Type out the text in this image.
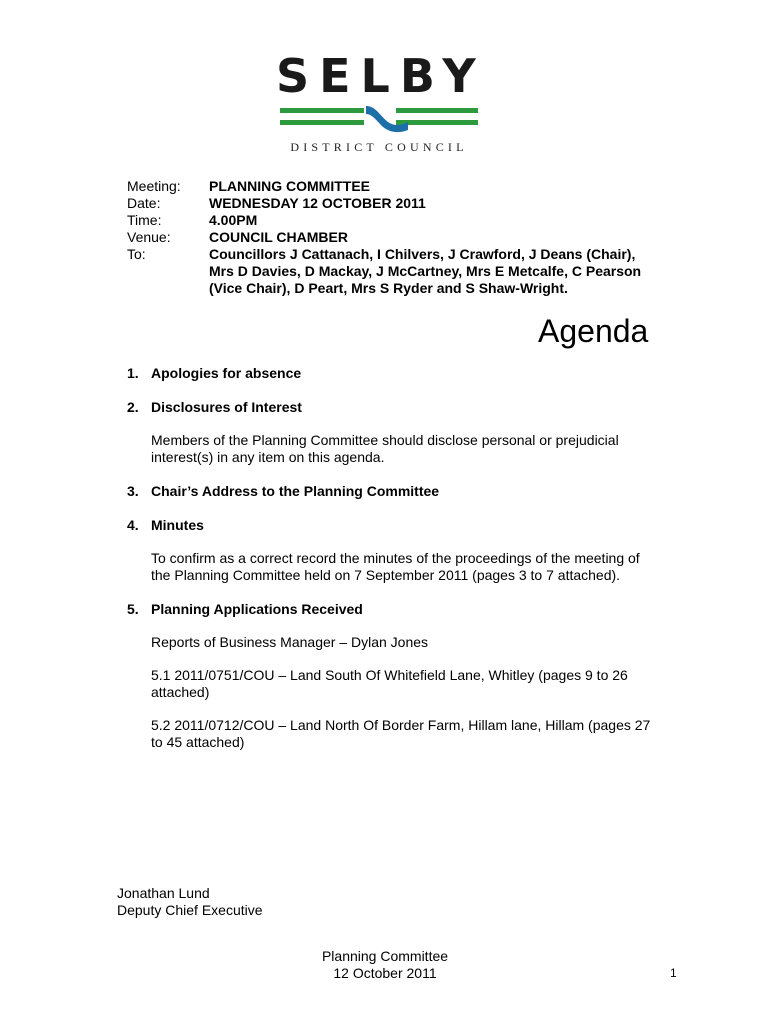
SELBY
DISTRICT COUNCIL
Meeting:	PLANNING COMMITTEE
Date:	WEDNESDAY 12 OCTOBER 2011
Time:	4.00PM
Venue:	COUNCIL CHAMBER
To:	Councillors J Cattanach, I Chilvers, J Crawford, J Deans (Chair), Mrs D Davies, D Mackay, J McCartney, Mrs E Metcalfe, C Pearson (Vice Chair), D Peart, Mrs S Ryder and S Shaw-Wright.
Agenda
1. Apologies for absence
2. Disclosures of Interest
Members of the Planning Committee should disclose personal or prejudicial interest(s) in any item on this agenda.
3. Chair’s Address to the Planning Committee
4. Minutes
To confirm as a correct record the minutes of the proceedings of the meeting of the Planning Committee held on 7 September 2011 (pages 3 to 7 attached).
5. Planning Applications Received
Reports of Business Manager – Dylan Jones
5.1 2011/0751/COU – Land South Of Whitefield Lane, Whitley (pages 9 to 26 attached)
5.2 2011/0712/COU – Land North Of Border Farm, Hillam lane, Hillam (pages 27 to 45 attached)
Jonathan Lund
Deputy Chief Executive
Planning Committee
12 October 2011	1
